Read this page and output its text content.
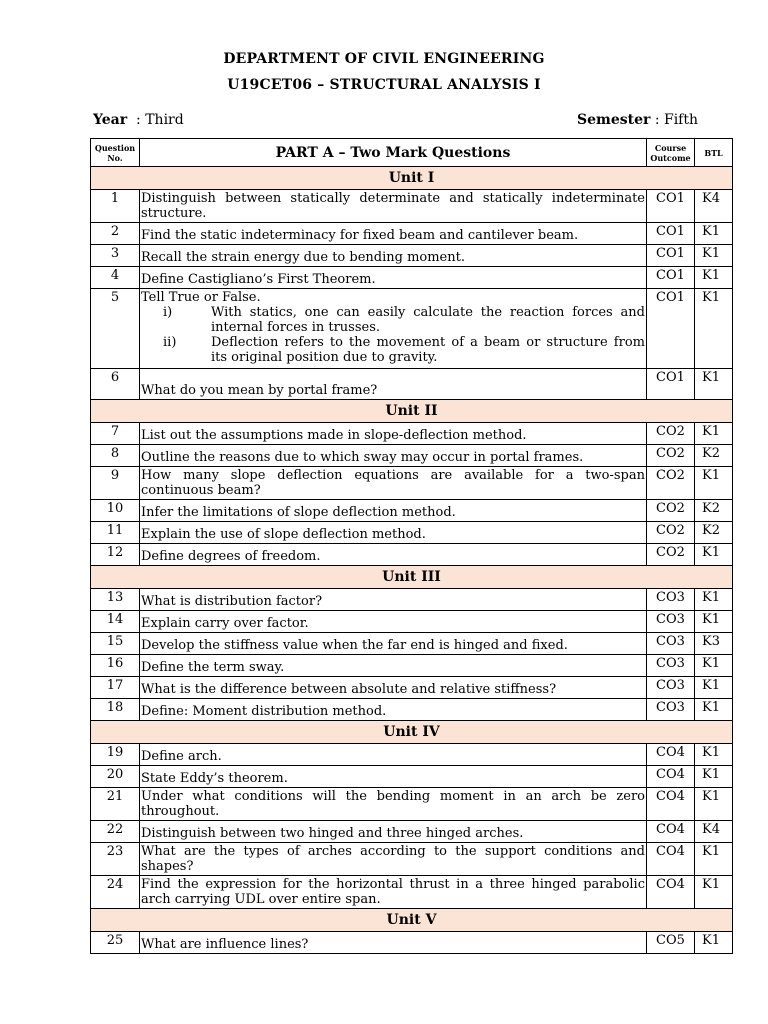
DEPARTMENT OF CIVIL ENGINEERING
U19CET06 – STRUCTURAL ANALYSIS I
Year : Third	Semester : Fifth
Question No.	PART A – Two Mark Questions	Course Outcome	BTL
Unit I			
1	Distinguish between statically determinate and statically indeterminate structure.	CO1	K4
2	Find the static indeterminacy for fixed beam and cantilever beam.	CO1	K1
3	Recall the strain energy due to bending moment.	CO1	K1
4	Define Castigliano’s First Theorem.	CO1	K1
5	Tell True or False.
i) With statics, one can easily calculate the reaction forces and internal forces in trusses.
ii) Deflection refers to the movement of a beam or structure from its original position due to gravity.	CO1	K1
6	What do you mean by portal frame?	CO1	K1
Unit II			
7	List out the assumptions made in slope-deflection method.	CO2	K1
8	Outline the reasons due to which sway may occur in portal frames.	CO2	K2
9	How many slope deflection equations are available for a two-span continuous beam?	CO2	K1
10	Infer the limitations of slope deflection method.	CO2	K2
11	Explain the use of slope deflection method.	CO2	K2
12	Define degrees of freedom.	CO2	K1
Unit III			
13	What is distribution factor?	CO3	K1
14	Explain carry over factor.	CO3	K1
15	Develop the stiffness value when the far end is hinged and fixed.	CO3	K3
16	Define the term sway.	CO3	K1
17	What is the difference between absolute and relative stiffness?	CO3	K1
18	Define: Moment distribution method.	CO3	K1
Unit IV			
19	Define arch.	CO4	K1
20	State Eddy’s theorem.	CO4	K1
21	Under what conditions will the bending moment in an arch be zero throughout.	CO4	K1
22	Distinguish between two hinged and three hinged arches.	CO4	K4
23	What are the types of arches according to the support conditions and shapes?	CO4	K1
24	Find the expression for the horizontal thrust in a three hinged parabolic arch carrying UDL over entire span.	CO4	K1
Unit V			
25	What are influence lines?	CO5	K1
